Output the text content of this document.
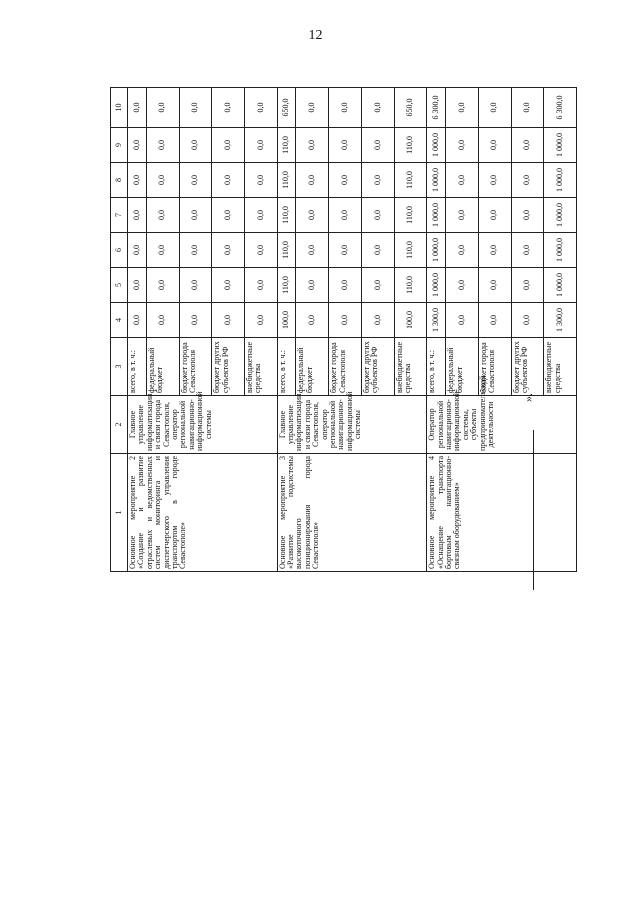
12
1	2	3	4	5	6	7	8	9	10
Основное мероприятие 2 «Создание и развитие отраслевых и ведомственных систем мониторинга и диспетчерского управления транспортом в городе Севастополе»	Главное управление информатизации и связи города Севастополя, оператор региональной навигационно-информационной системы	всего, в т. ч.:	0,0	0,0	0,0	0,0	0,0	0,0	0,0
		федеральный бюджет	0,0	0,0	0,0	0,0	0,0	0,0	0,0
		бюджет города Севастополя	0,0	0,0	0,0	0,0	0,0	0,0	0,0
		бюджет других субъектов РФ	0,0	0,0	0,0	0,0	0,0	0,0	0,0
		внебюджетные средства	0,0	0,0	0,0	0,0	0,0	0,0	0,0
Основное мероприятие 3 «Развитие подсистемы высокоточного позиционирования города Севастополя»	Главное управление информатизации и связи города Севастополя, оператор региональной навигационно-информационной системы	всего, в т. ч.:	100,0	110,0	110,0	110,0	110,0	110,0	650,0
		федеральный бюджет	0,0	0,0	0,0	0,0	0,0	0,0	0,0
		бюджет города Севастополя	0,0	0,0	0,0	0,0	0,0	0,0	0,0
		бюджет других субъектов РФ	0,0	0,0	0,0	0,0	0,0	0,0	0,0
		внебюджетные средства	100,0	110,0	110,0	110,0	110,0	110,0	650,0
Основное мероприятие 4 «Оснащение транспорта бортовым навигационно-связным оборудованием»	Оператор региональной навигационно-информационной системы, субъекты предпринимательской деятельности	всего, в т. ч.:	1 300,0	1 000,0	1 000,0	1 000,0	1 000,0	1 000,0	6 300,0
		федеральный бюджет	0,0	0,0	0,0	0,0	0,0	0,0	0,0
		бюджет города Севастополя	0,0	0,0	0,0	0,0	0,0	0,0	0,0
		бюджет других субъектов РФ	0,0	0,0	0,0	0,0	0,0	0,0	0,0
		внебюджетные средства	1 300,0	1 000,0	1 000,0	1 000,0	1 000,0	1 000,0	6 300,0
».
